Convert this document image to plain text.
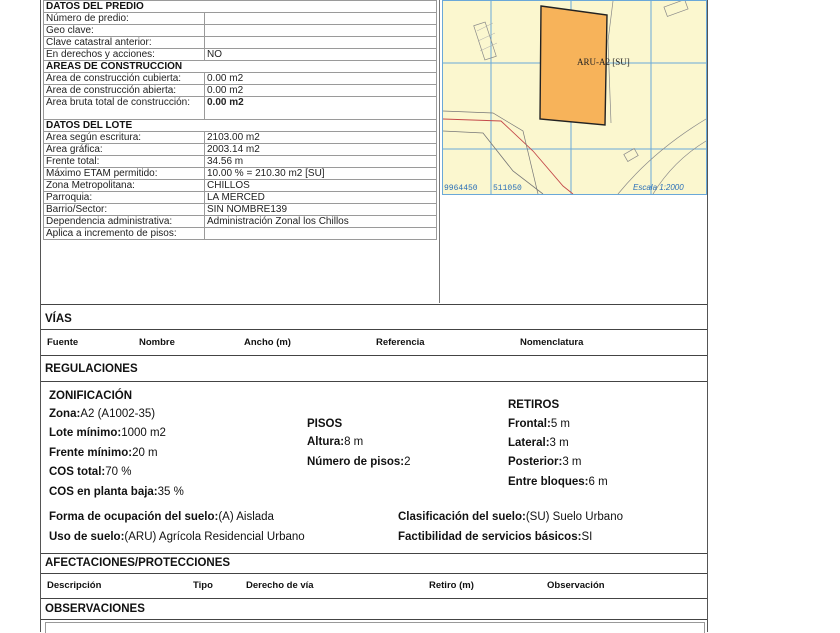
DATOS DEL PREDIO	
Número de predio:	
Geo clave:	
Clave catastral anterior:	
En derechos y acciones:	NO
ÁREAS DE CONSTRUCCIÓN	
Área de construcción cubierta:	0.00 m2
Área de construcción abierta:	0.00 m2
Área bruta total de construcción:	0.00 m2
DATOS DEL LOTE	
Área según escritura:	2103.00 m2
Área gráfica:	2003.14 m2
Frente total:	34.56 m
Máximo ETAM permitido:	10.00 % = 210.30 m2 [SU]
Zona Metropolitana:	CHILLOS
Parroquia:	LA MERCED
Barrio/Sector:	SIN NOMBRE139
Dependencia administrativa:	Administración Zonal los Chillos
Aplica a incremento de pisos:	
ARU-A2 [SU]
9964450 511050	Escala 1:2000
VÍAS
Fuente	Nombre	Ancho (m)	Referencia	Nomenclatura
REGULACIONES
ZONIFICACIÓN
Zona:A2 (A1002-35)
Lote mínimo:1000 m2
Frente mínimo:20 m
COS total:70 %
COS en planta baja:35 %
PISOS
Altura:8 m
Número de pisos:2
RETIROS
Frontal:5 m
Lateral:3 m
Posterior:3 m
Entre bloques:6 m
Forma de ocupación del suelo:(A) Aislada
Uso de suelo:(ARU) Agrícola Residencial Urbano
Clasificación del suelo:(SU) Suelo Urbano
Factibilidad de servicios básicos:SI
AFECTACIONES/PROTECCIONES
Descripción	Tipo	Derecho de vía	Retiro (m)	Observación
OBSERVACIONES
